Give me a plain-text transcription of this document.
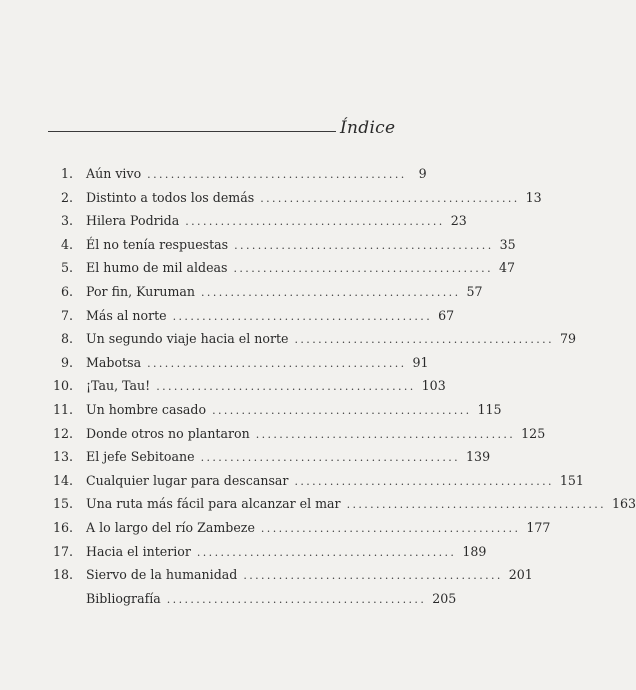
Índice
1. Aún vivo ............................................ 9
2. Distinto a todos los demás ............................................ 13
3. Hilera Podrida ............................................ 23
4. Él no tenía respuestas ............................................ 35
5. El humo de mil aldeas ............................................ 47
6. Por fin, Kuruman ............................................ 57
7. Más al norte ............................................ 67
8. Un segundo viaje hacia el norte ............................................ 79
9. Mabotsa ............................................ 91
10. ¡Tau, Tau! ............................................ 103
11. Un hombre casado ............................................ 115
12. Donde otros no plantaron ............................................ 125
13. El jefe Sebitoane ............................................ 139
14. Cualquier lugar para descansar ............................................ 151
15. Una ruta más fácil para alcanzar el mar ............................................ 163
16. A lo largo del río Zambeze ............................................ 177
17. Hacia el interior ............................................ 189
18. Siervo de la humanidad ............................................ 201
Bibliografía ............................................ 205
